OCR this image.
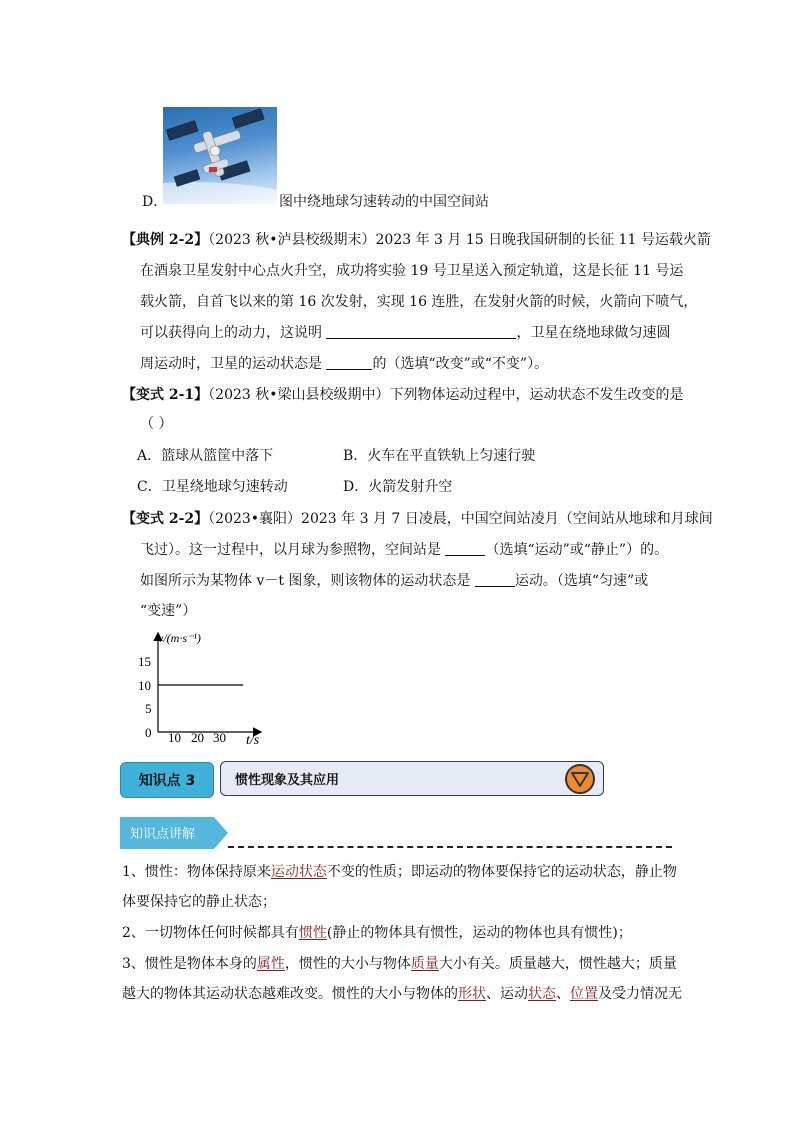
D．	图中绕地球匀速转动的中国空间站
【典例 2-2】（2023 秋•泸县校级期末）2023 年 3 月 15 日晚我国研制的长征 11 号运载火箭
在酒泉卫星发射中心点火升空，成功将实验 19 号卫星送入预定轨道，这是长征 11 号运
载火箭，自首飞以来的第 16 次发射，实现 16 连胜，在发射火箭的时候，火箭向下喷气，
可以获得向上的动力，这说明	，卫星在绕地球做匀速圆
周运动时，卫星的运动状态是	的（选填“改变”或“不变”）。
【变式 2-1】（2023 秋•梁山县校级期中）下列物体运动过程中，运动状态不发生改变的是
（ ）
A．篮球从篮筐中落下	B．火车在平直铁轨上匀速行驶
C．卫星绕地球匀速转动	D．火箭发射升空
【变式 2-2】（2023•襄阳）2023 年 3 月 7 日凌晨，中国空间站凌月（空间站从地球和月球间
飞过）。这一过程中，以月球为参照物，空间站是	（选填“运动”或“静止”）的。
如图所示为某物体 v－t 图象，则该物体的运动状态是	运动。（选填“匀速”或
“变速”）
v/(m·s⁻¹)
15
10
5
0 10 20 30 t/s
知识点 3	惯性现象及其应用
知识点讲解
1、惯性：物体保持原来运动状态不变的性质；即运动的物体要保持它的运动状态，静止物
体要保持它的静止状态；
2、一切物体任何时候都具有惯性(静止的物体具有惯性，运动的物体也具有惯性)；
3、惯性是物体本身的属性，惯性的大小与物体质量大小有关。质量越大，惯性越大；质量
越大的物体其运动状态越难改变。惯性的大小与物体的形状、运动状态、位置及受力情况无
